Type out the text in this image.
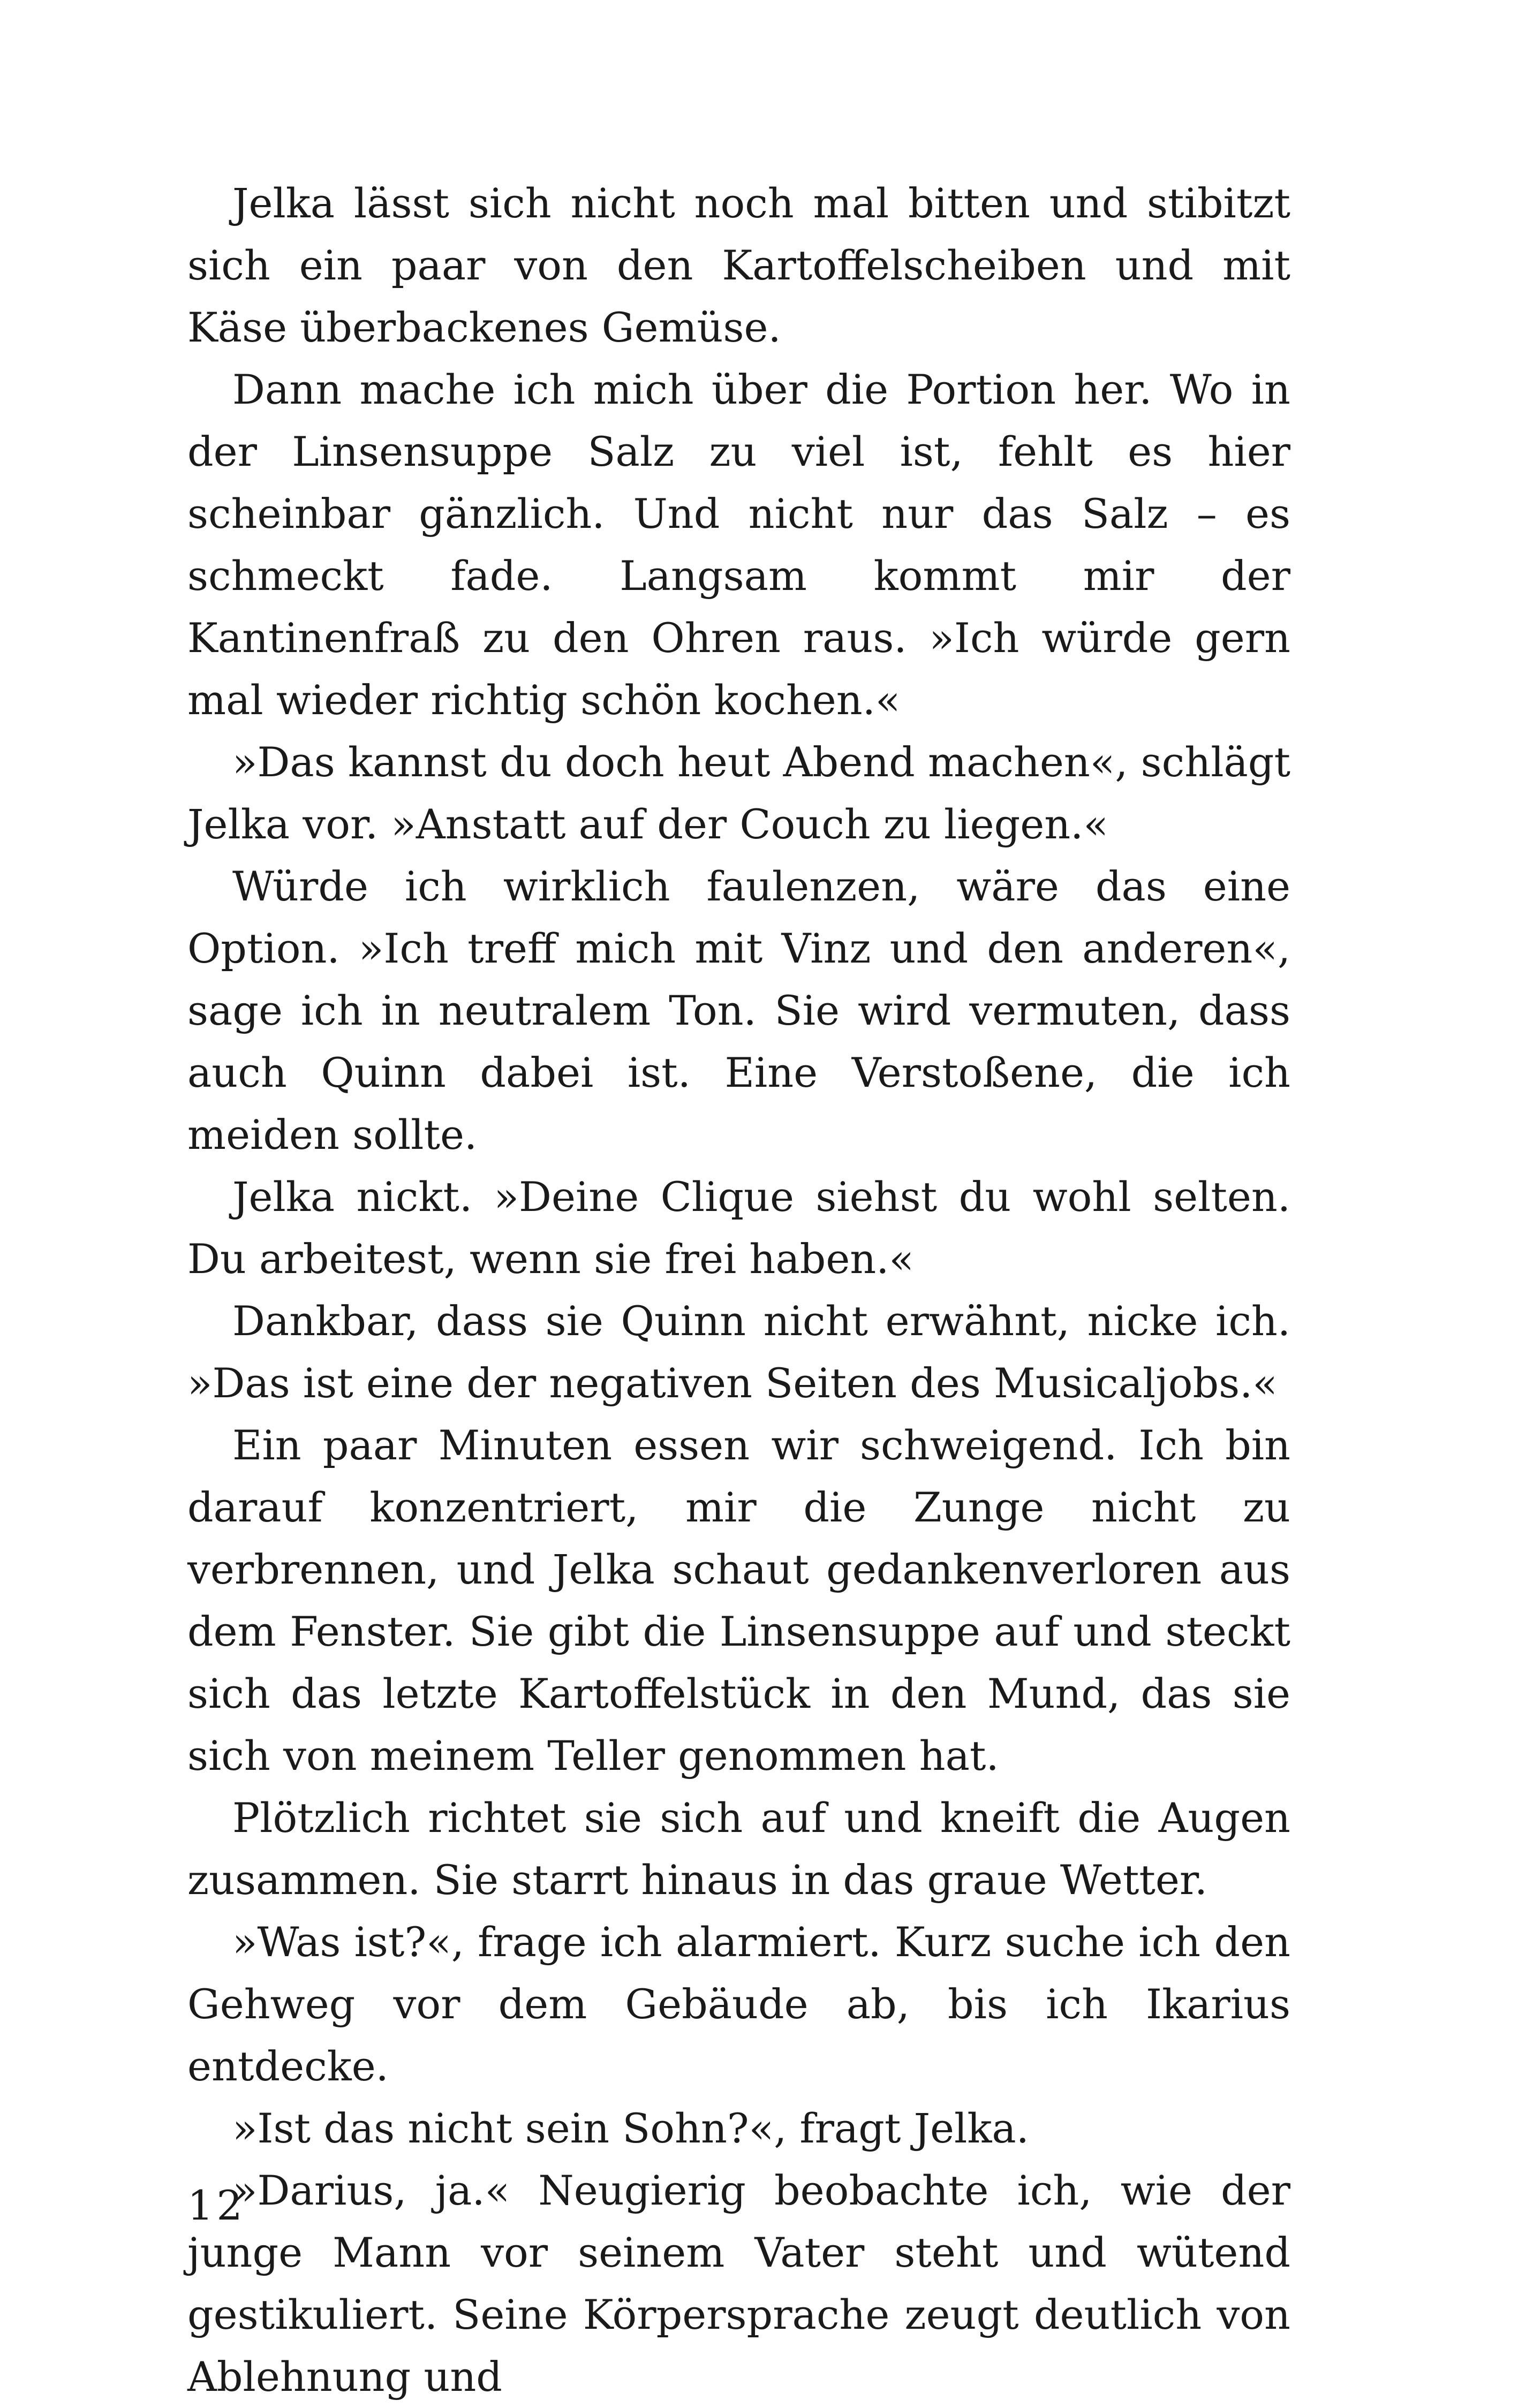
Jelka lässt sich nicht noch mal bitten und stibitzt sich ein paar von den Kartoffelscheiben und mit Käse überbackenes Gemüse.

Dann mache ich mich über die Portion her. Wo in der Linsensuppe Salz zu viel ist, fehlt es hier scheinbar gänzlich. Und nicht nur das Salz – es schmeckt fade. Langsam kommt mir der Kantinenfraß zu den Ohren raus. »Ich würde gern mal wieder richtig schön kochen.«

»Das kannst du doch heut Abend machen«, schlägt Jelka vor. »Anstatt auf der Couch zu liegen.«

Würde ich wirklich faulenzen, wäre das eine Option. »Ich treff mich mit Vinz und den anderen«, sage ich in neutralem Ton. Sie wird vermuten, dass auch Quinn dabei ist. Eine Verstoßene, die ich meiden sollte.

Jelka nickt. »Deine Clique siehst du wohl selten. Du arbeitest, wenn sie frei haben.«

Dankbar, dass sie Quinn nicht erwähnt, nicke ich. »Das ist eine der negativen Seiten des Musicaljobs.«

Ein paar Minuten essen wir schweigend. Ich bin darauf konzentriert, mir die Zunge nicht zu verbrennen, und Jelka schaut gedankenverloren aus dem Fenster. Sie gibt die Linsensuppe auf und steckt sich das letzte Kartoffelstück in den Mund, das sie sich von meinem Teller genommen hat.

Plötzlich richtet sie sich auf und kneift die Augen zusammen. Sie starrt hinaus in das graue Wetter.

»Was ist?«, frage ich alarmiert. Kurz suche ich den Gehweg vor dem Gebäude ab, bis ich Ikarius entdecke.

»Ist das nicht sein Sohn?«, fragt Jelka.

»Darius, ja.« Neugierig beobachte ich, wie der junge Mann vor seinem Vater steht und wütend gestikuliert. Seine Körpersprache zeugt deutlich von Ablehnung und

12
